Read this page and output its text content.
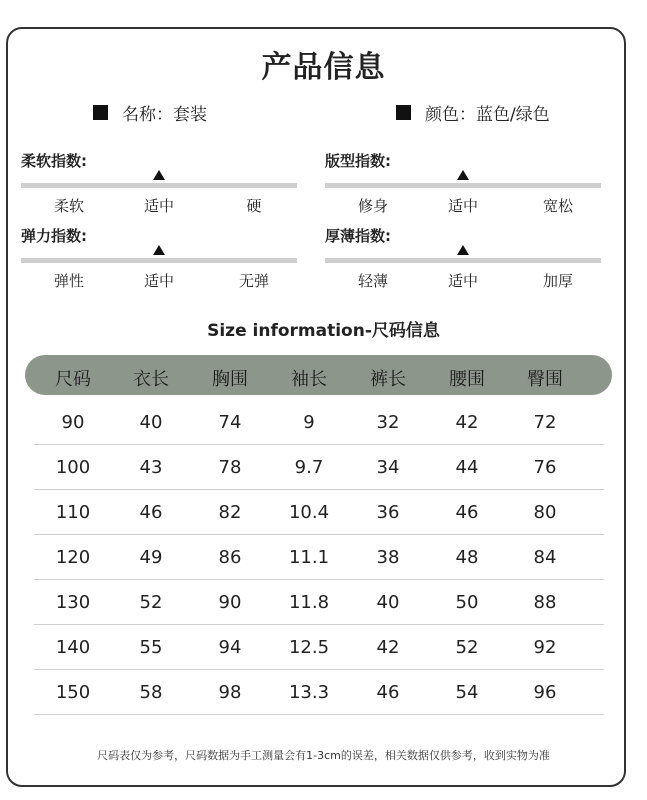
产品信息
名称：套装	颜色：蓝色/绿色
柔软指数:
柔软	适中	硬
版型指数:
修身	适中	宽松
弹力指数:
弹性	适中	无弹
厚薄指数:
轻薄	适中	加厚
Size information-尺码信息
尺码 衣长 胸围 袖长 裤长 腰围 臀围
90	40	74	9	32	42	72
100	43	78	9.7	34	44	76
110	46	82	10.4	36	46	80
120	49	86	11.1	38	48	84
130	52	90	11.8	40	50	88
140	55	94	12.5	42	52	92
150	58	98	13.3	46	54	96
尺码表仅为参考，尺码数据为手工测量会有1-3cm的误差，相关数据仅供参考，收到实物为准
